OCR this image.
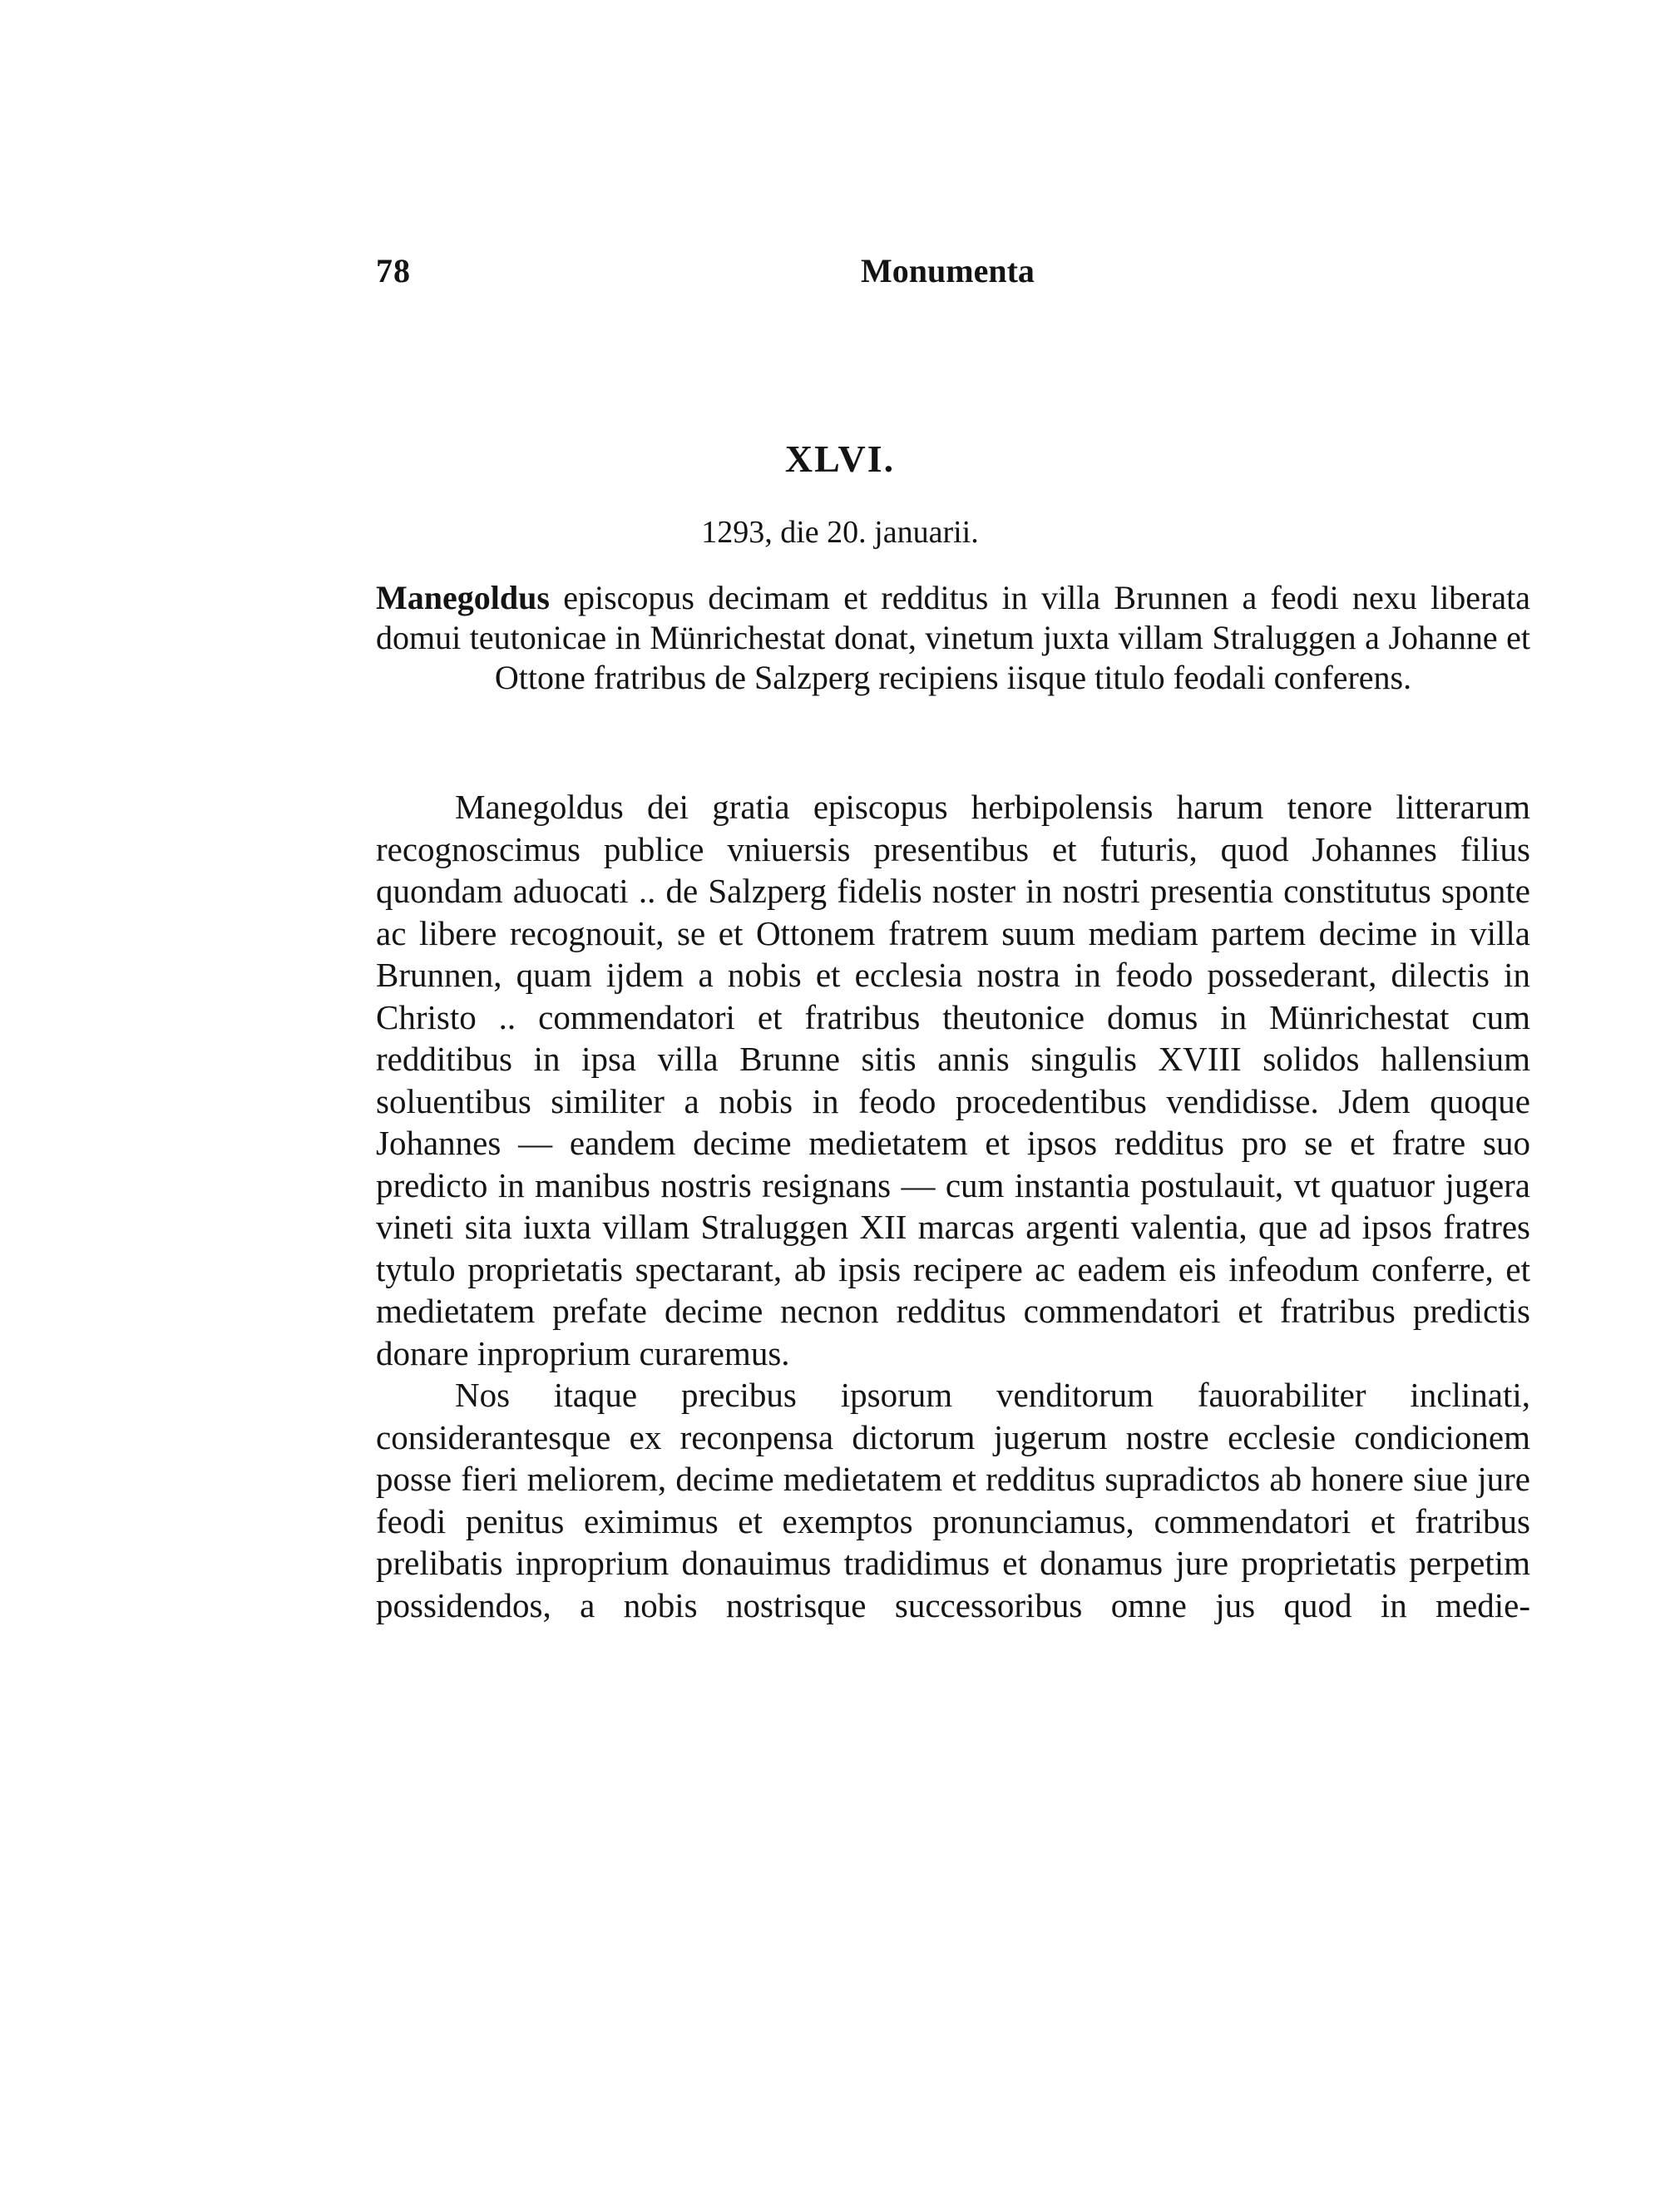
78	Monumenta
XLVI.
1293, die 20. januarii.
Manegoldus episcopus decimam et redditus in villa Brunnen a feodi nexu liberata domui teutonicae in Münrichestat donat, vinetum juxta villam Straluggen a Johanne et Ottone fratribus de Salzperg recipiens iisque titulo feodali conferens.

Manegoldus dei gratia episcopus herbipolensis harum tenore litterarum recognoscimus publice vniuersis presentibus et futuris, quod Johannes filius quondam aduocati .. de Salzperg fidelis noster in nostri presentia constitutus sponte ac libere recognouit, se et Ottonem fratrem suum mediam partem decime in villa Brunnen, quam ijdem a nobis et ecclesia nostra in feodo possederant, dilectis in Christo .. commendatori et fratribus theutonice domus in Münrichestat cum redditibus in ipsa villa Brunne sitis annis singulis XVIII solidos hallensium soluentibus similiter a nobis in feodo procedentibus vendidisse. Jdem quoque Johannes — eandem decime medietatem et ipsos redditus pro se et fratre suo predicto in manibus nostris resignans — cum instantia postulauit, vt quatuor jugera vineti sita iuxta villam Straluggen XII marcas argenti valentia, que ad ipsos fratres tytulo proprietatis spectarant, ab ipsis recipere ac eadem eis infeodum conferre, et medietatem prefate decime necnon redditus commendatori et fratribus predictis donare inproprium curaremus.

Nos itaque precibus ipsorum venditorum fauorabiliter inclinati, considerantesque ex reconpensa dictorum jugerum nostre ecclesie condicionem posse fieri meliorem, decime medietatem et redditus supradictos ab honere siue jure feodi penitus eximimus et exemptos pronunciamus, commendatori et fratribus prelibatis inproprium donauimus tradidimus et donamus jure proprietatis perpetim possidendos, a nobis nostrisque successoribus omne jus quod in medie-
